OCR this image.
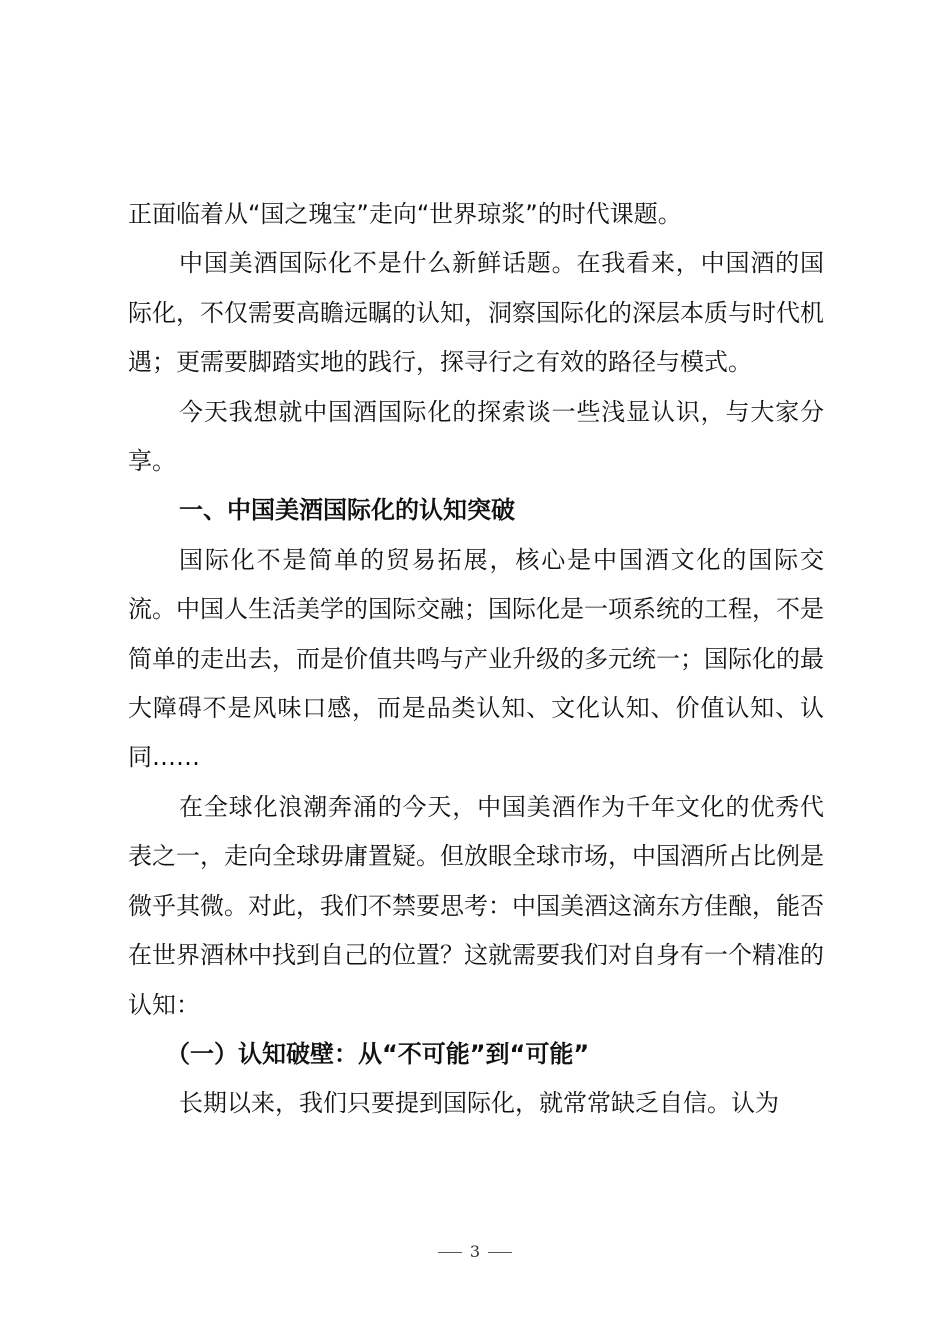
正面临着从“国之瑰宝”走向“世界琼浆”的时代课题。

中国美酒国际化不是什么新鲜话题。在我看来，中国酒的国际化，不仅需要高瞻远瞩的认知，洞察国际化的深层本质与时代机遇；更需要脚踏实地的践行，探寻行之有效的路径与模式。

今天我想就中国酒国际化的探索谈一些浅显认识，与大家分享。

一、中国美酒国际化的认知突破

国际化不是简单的贸易拓展，核心是中国酒文化的国际交流。中国人生活美学的国际交融；国际化是一项系统的工程，不是简单的走出去，而是价值共鸣与产业升级的多元统一；国际化的最大障碍不是风味口感，而是品类认知、文化认知、价值认知、认同……

在全球化浪潮奔涌的今天，中国美酒作为千年文化的优秀代表之一，走向全球毋庸置疑。但放眼全球市场，中国酒所占比例是微乎其微。对此，我们不禁要思考：中国美酒这滴东方佳酿，能否在世界酒林中找到自己的位置？这就需要我们对自身有一个精准的认知：

（一）认知破壁：从“不可能”到“可能”

长期以来，我们只要提到国际化，就常常缺乏自信。认为

3
